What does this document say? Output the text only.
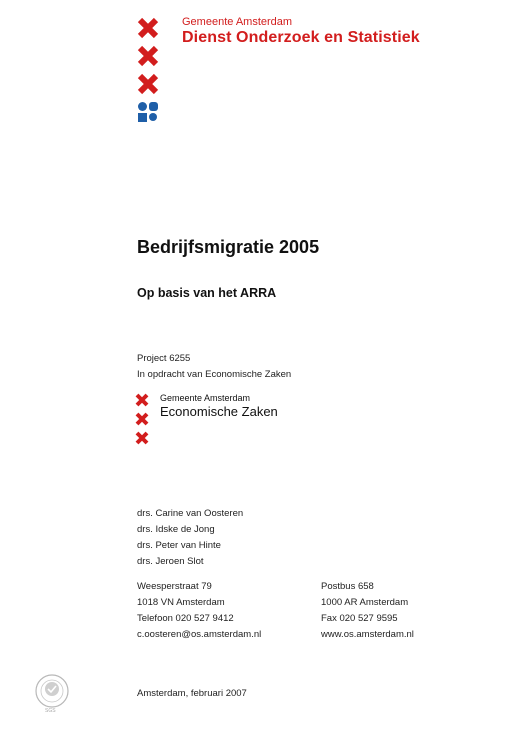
Gemeente Amsterdam
Dienst Onderzoek en Statistiek
Bedrijfsmigratie 2005
Op basis van het ARRA
Project 6255
In opdracht van Economische Zaken
Gemeente Amsterdam
Economische Zaken
drs. Carine van Oosteren
drs. Idske de Jong
drs. Peter van Hinte
drs. Jeroen Slot
Weesperstraat 79
1018 VN Amsterdam
Telefoon 020 527 9412
c.oosteren@os.amsterdam.nl
Postbus 658
1000 AR Amsterdam
Fax 020 527 9595
www.os.amsterdam.nl
SGS
Amsterdam, februari 2007
